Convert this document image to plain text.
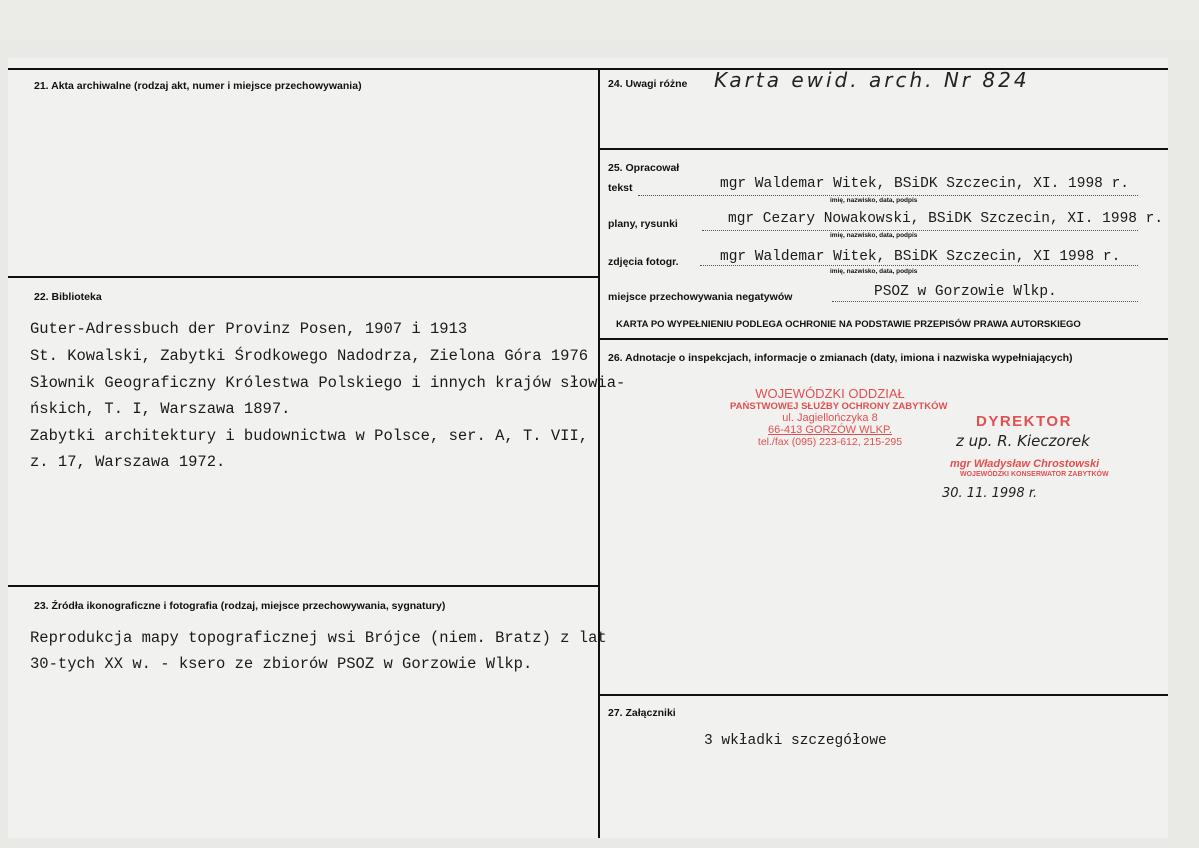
21. Akta archiwalne (rodzaj akt, numer i miejsce przechowywania)
22. Biblioteka
Guter-Adressbuch der Provinz Posen, 1907 i 1913
St. Kowalski, Zabytki Środkowego Nadodrza, Zielona Góra 1976
Słownik Geograficzny Królestwa Polskiego i innych krajów słowia-
ńskich, T. I, Warszawa 1897.
Zabytki architektury i budownictwa w Polsce, ser. A, T. VII,
z. 17, Warszawa 1972.
23. Źródła ikonograficzne i fotografia (rodzaj, miejsce przechowywania, sygnatury)
Reprodukcja mapy topograficznej wsi Brójce (niem. Bratz) z lat
30-tych XX w. - ksero ze zbiorów PSOZ w Gorzowie Wlkp.
24. Uwagi różne Karta ewid. arch. Nr 824
25. Opracował
tekst	mgr Waldemar Witek, BSiDK Szczecin, XI. 1998 r.
imię, nazwisko, data, podpis
plany, rysunki	mgr Cezary Nowakowski, BSiDK Szczecin, XI. 1998 r.
imię, nazwisko, data, podpis
zdjęcia fotogr.	mgr Waldemar Witek, BSiDK Szczecin, XI 1998 r.
imię, nazwisko, data, podpis
miejsce przechowywania negatywów	PSOZ w Gorzowie Wlkp.
KARTA PO WYPEŁNIENIU PODLEGA OCHRONIE NA PODSTAWIE PRZEPISÓW PRAWA AUTORSKIEGO
26. Adnotacje o inspekcjach, informacje o zmianach (daty, imiona i nazwiska wypełniających)
WOJEWÓDZKI ODDZIAŁ
PAŃSTWOWEJ SŁUŻBY OCHRONY ZABYTKÓW
ul. Jagiellończyka 8
66-413 GORZÓW WLKP.
tel./fax (095) 223-612, 215-295
DYREKTOR
z up. R. Kieczorek
mgr Władysław Chrostowski
WOJEWÓDZKI KONSERWATOR ZABYTKÓW
30. 11. 1998 r.
27. Załączniki
3 wkładki szczegółowe
